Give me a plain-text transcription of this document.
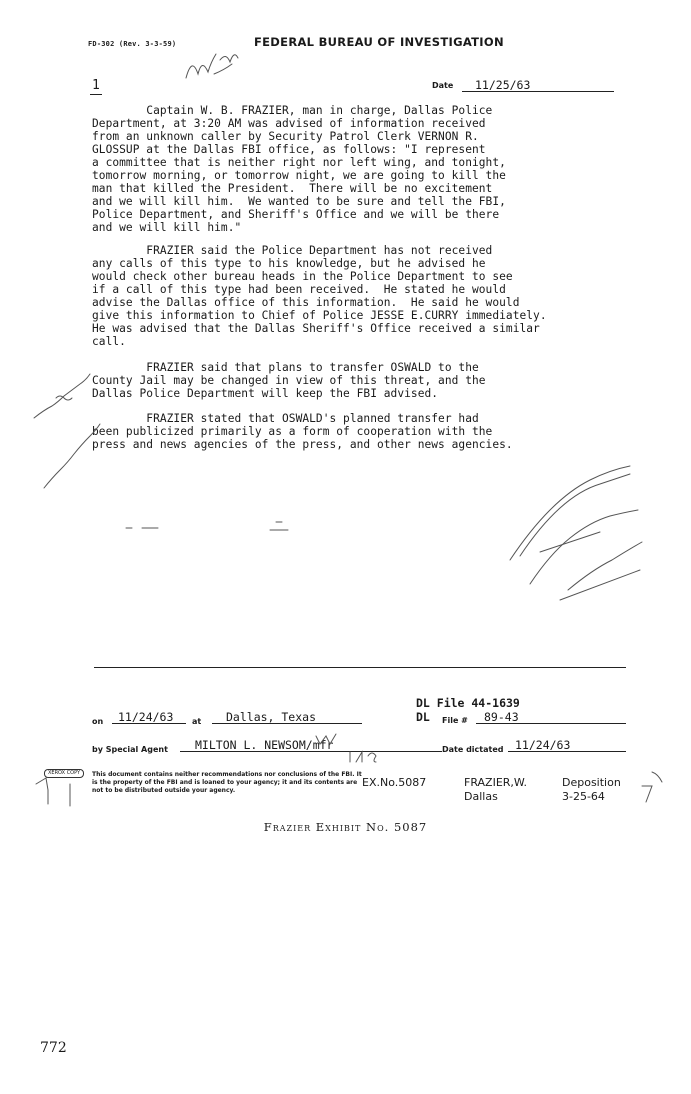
FD-302 (Rev. 3-3-59)	FEDERAL BUREAU OF INVESTIGATION
1	Date 11/25/63
Captain W. B. FRAZIER, man in charge, Dallas Police
Department, at 3:20 AM was advised of information received
from an unknown caller by Security Patrol Clerk VERNON R.
GLOSSUP at the Dallas FBI office, as follows: "I represent
a committee that is neither right nor left wing, and tonight,
tomorrow morning, or tomorrow night, we are going to kill the
man that killed the President.  There will be no excitement
and we will kill him.  We wanted to be sure and tell the FBI,
Police Department, and Sheriff's Office and we will be there
and we will kill him."
FRAZIER said the Police Department has not received
any calls of this type to his knowledge, but he advised he
would check other bureau heads in the Police Department to see
if a call of this type had been received.  He stated he would
advise the Dallas office of this information.  He said he would
give this information to Chief of Police JESSE E.CURRY immediately.
He was advised that the Dallas Sheriff's Office received a similar
call.
FRAZIER said that plans to transfer OSWALD to the
County Jail may be changed in view of this threat, and the
Dallas Police Department will keep the FBI advised.
FRAZIER stated that OSWALD's planned transfer had
been publicized primarily as a form of cooperation with the
press and news agencies of the press, and other news agencies.
DL File 44-1639
on 11/24/63 at Dallas, Texas	DL File # 89-43
by Special Agent MILTON L. NEWSOM/mfr	Date dictated 11/24/63
XEROX COPY	This document contains neither recommendations nor conclusions of the FBI. It is the property of the FBI and is loaned to your agency; it and its contents are not to be distributed outside your agency.
EX.No.5087	FRAZIER,W.
Dallas
Deposition
3-25-64
Frazier Exhibit No. 5087
772
